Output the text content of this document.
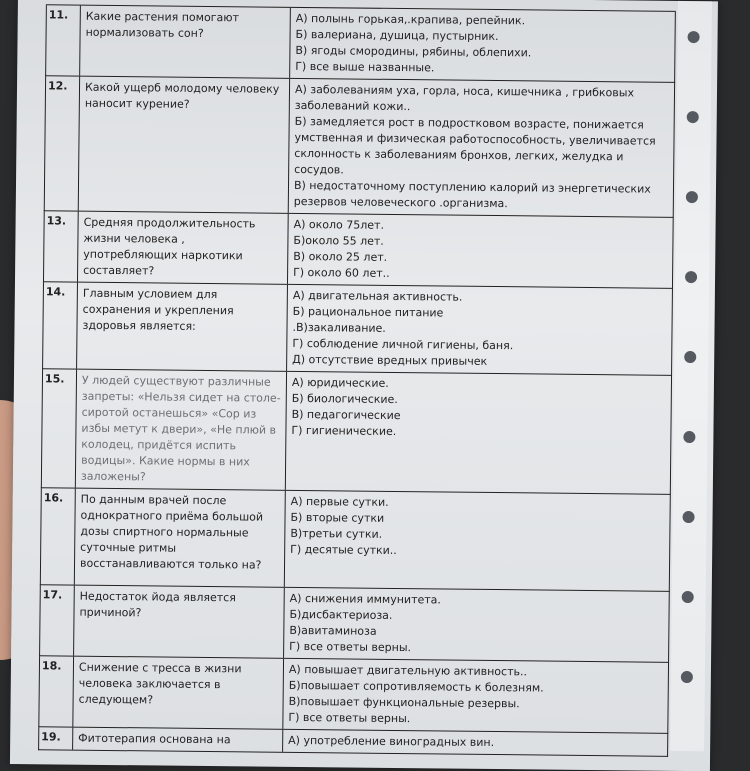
11.	Какие растения помогают нормализовать сон?
А) полынь горькая,.крапива, репейник.
Б) валериана, душица, пустырник.
В) ягоды смородины, рябины, облепихи.
Г) все выше названные.
12.	Какой ущерб молодому человеку наносит курение?
А) заболеваниям уха, горла, носа, кишечника , грибковых заболеваний кожи..
Б) замедляется рост в подростковом возрасте, понижается умственная и физическая работоспособность, увеличивается склонность к заболеваниям бронхов, легких, желудка и сосудов.
В) недостаточному поступлению калорий из энергетических резервов человеческого .организма.
13.	Средняя продолжительность жизни человека , употребляющих наркотики составляет?
А) около 75лет.
Б)около 55 лет.
В) около 25 лет.
Г) около 60 лет..
14.	Главным условием для сохранения и укрепления здоровья является:
А) двигательная активность.
Б) рациональное питание
.В)закаливание.
Г) соблюдение личной гигиены, баня.
Д) отсутствие вредных привычек
15.	У людей существуют различные запреты: «Нельзя сидет на столе- сиротой останешься» «Сор из избы метут к двери», «Не плюй в колодец, придётся испить водицы». Какие нормы в них заложены?
А) юридические.
Б) биологические.
В) педагогические
Г) гигиенические.
16.	По данным врачей после однократного приёма большой дозы спиртного нормальные суточные ритмы восстанавливаются только на?
А) первые сутки.
Б) вторые сутки
В)третьи сутки.
Г) десятые сутки..
17.	Недостаток йода является причиной?
А) снижения иммунитета.
Б)дисбактериоза.
В)авитаминоза
Г) все ответы верны.
18.	Снижение с тресса в жизни человека заключается в следующем?
А) повышает двигательную активность..
Б)повышает сопротивляемость к болезням.
В)повышает функциональные резервы.
Г) все ответы верны.
19.	Фитотерапия основана на	А) употребление виноградных вин.
